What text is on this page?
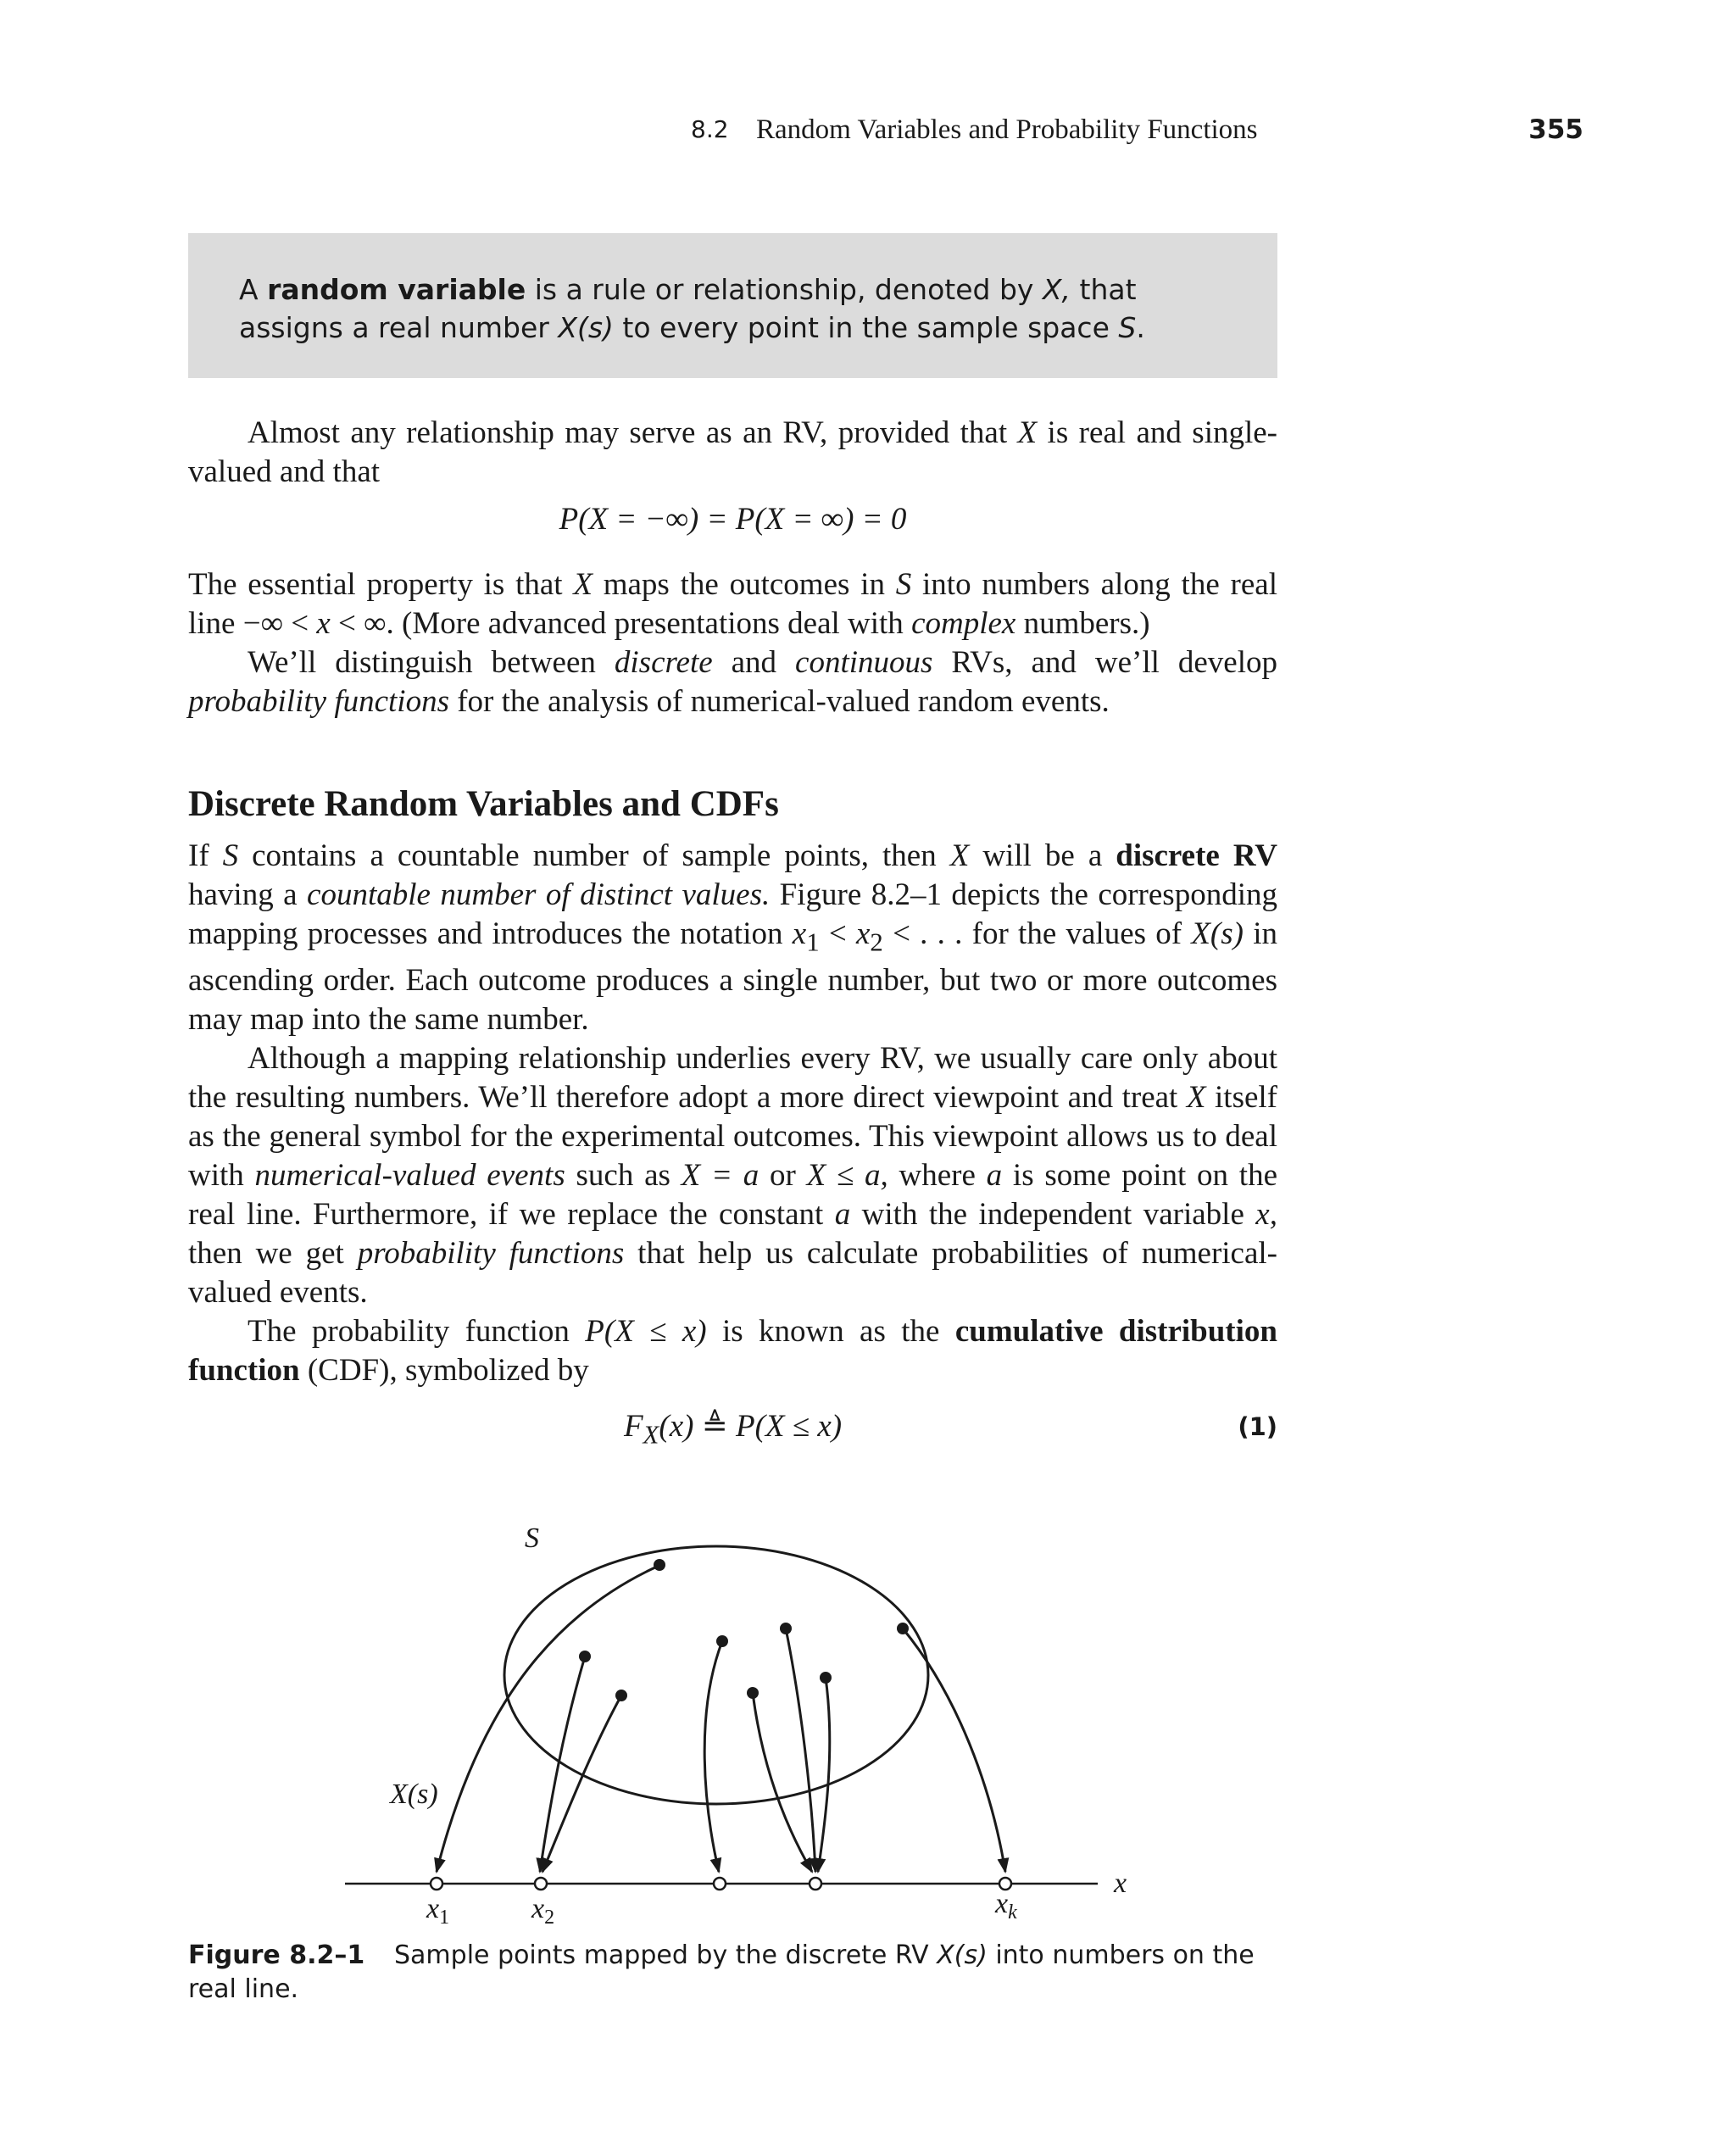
8.2 Random Variables and Probability Functions	355
A random variable is a rule or relationship, denoted by X, that assigns a real number X(s) to every point in the sample space S.

Almost any relationship may serve as an RV, provided that X is real and single-valued and that

P(X = −∞) = P(X = ∞) = 0

The essential property is that X maps the outcomes in S into numbers along the real line −∞ < x < ∞. (More advanced presentations deal with complex numbers.)

We’ll distinguish between discrete and continuous RVs, and we’ll develop probability functions for the analysis of numerical-valued random events.

Discrete Random Variables and CDFs

If S contains a countable number of sample points, then X will be a discrete RV having a countable number of distinct values. Figure 8.2–1 depicts the corresponding mapping processes and introduces the notation $x_1 < x_2$ < . . . for the values of X(s) in ascending order. Each outcome produces a single number, but two or more outcomes may map into the same number.

Although a mapping relationship underlies every RV, we usually care only about the resulting numbers. We’ll therefore adopt a more direct viewpoint and treat X itself as the general symbol for the experimental outcomes. This viewpoint allows us to deal with numerical-valued events such as X = a or X ≤ a, where a is some point on the real line. Furthermore, if we replace the constant a with the independent variable x, then we get probability functions that help us calculate probabilities of numerical-valued events.

The probability function P(X ≤ x) is known as the cumulative distribution function (CDF), symbolized by

$F_X(x)$ ≜ P(X ≤ x)	(1)
S
X(s)
x
$x_1$	$x_2$	$x_k$
Figure 8.2–1 Sample points mapped by the discrete RV X(s) into numbers on the real line.
